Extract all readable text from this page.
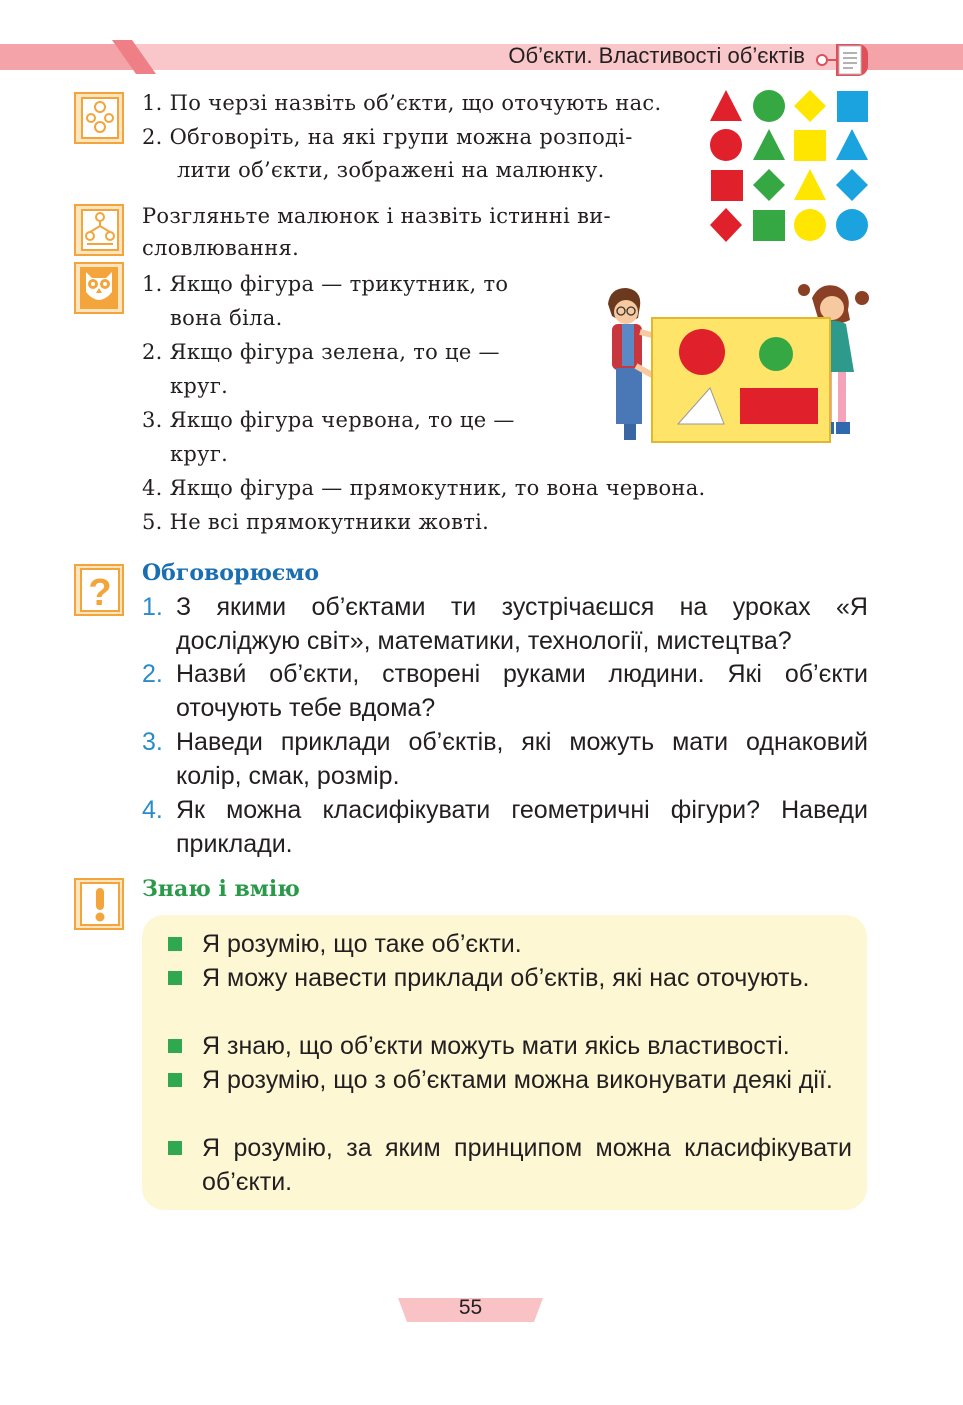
Об’єкти. Властивості об’єктів
1. По черзі назвіть об’єкти, що оточують нас.
2. Обговоріть, на які групи можна розподі-
лити об’єкти, зображені на малюнку.
Розгляньте малюнок і назвіть істинні ви-
словлювання.
1. Якщо фігура — трикутник, то
вона біла.
2. Якщо фігура зелена, то це —
круг.
3. Якщо фігура червона, то це —
круг.
4. Якщо фігура — прямокутник, то вона червона.
5. Не всі прямокутники жовті.
? Обговорюємо
1. З якими об’єктами ти зустрічаєшся на уроках «Я досліджую світ», математики, технології, мистецтва?
2. Назви́ об’єкти, створені руками людини. Які об’єкти оточують тебе вдома?
3. Наведи приклади об’єктів, які можуть мати однаковий колір, смак, розмір.
4. Як можна класифікувати геометричні фігури? Наведи приклади.
Знаю і вмію
Я розумію, що таке об’єкти.
Я можу навести приклади об’єктів, які нас оточують.
Я знаю, що об’єкти можуть мати якісь властивості.
Я розумію, що з об’єктами можна виконувати деякі дії.
Я розумію, за яким принципом можна класифікувати об’єкти.
55
